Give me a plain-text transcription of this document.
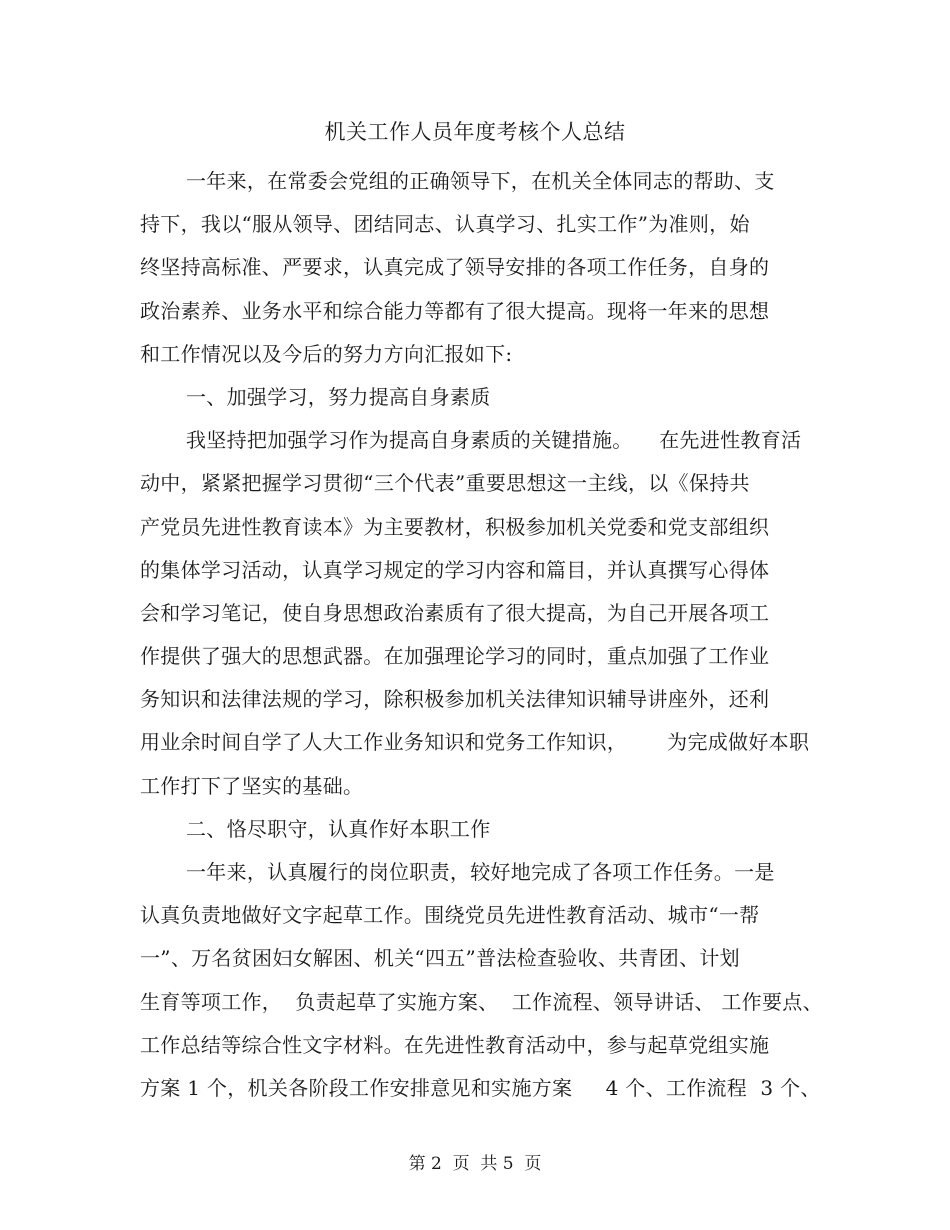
机关工作人员年度考核个人总结
一年来，在常委会党组的正确领导下，在机关全体同志的帮助、支
持下，我以“服从领导、团结同志、认真学习、扎实工作”为准则，始
终坚持高标准、严要求，认真完成了领导安排的各项工作任务，自身的
政治素养、业务水平和综合能力等都有了很大提高。现将一年来的思想
和工作情况以及今后的努力方向汇报如下:
一、加强学习，努力提高自身素质
我坚持把加强学习作为提高自身素质的关键措施。    在先进性教育活
动中，紧紧把握学习贯彻“三个代表”重要思想这一主线，以《保持共
产党员先进性教育读本》为主要教材，积极参加机关党委和党支部组织
的集体学习活动，认真学习规定的学习内容和篇目，并认真撰写心得体
会和学习笔记，使自身思想政治素质有了很大提高，为自己开展各项工
作提供了强大的思想武器。在加强理论学习的同时，重点加强了工作业
务知识和法律法规的学习，除积极参加机关法律知识辅导讲座外，还利
用业余时间自学了人大工作业务知识和党务工作知识，      为完成做好本职
工作打下了坚实的基础。
二、恪尽职守，认真作好本职工作
一年来，认真履行的岗位职责，较好地完成了各项工作任务。一是
认真负责地做好文字起草工作。围绕党员先进性教育活动、城市“一帮
一”、万名贫困妇女解困、机关“四五”普法检查验收、共青团、计划
生育等项工作，  负责起草了实施方案、  工作流程、领导讲话、 工作要点、
工作总结等综合性文字材料。在先进性教育活动中，参与起草党组实施
方案 1 个，机关各阶段工作安排意见和实施方案     4 个、工作流程  3 个、
第 2  页  共 5  页
